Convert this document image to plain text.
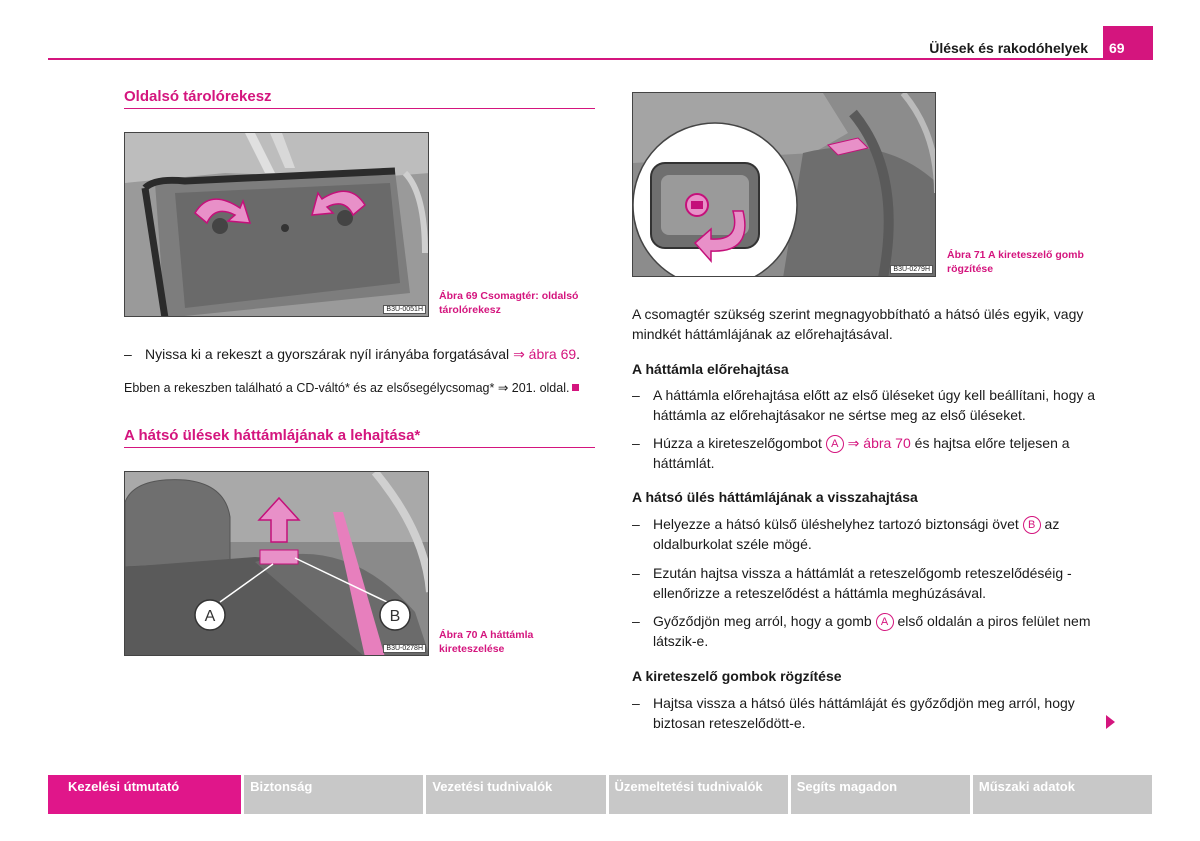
Ülések és rakodóhelyek	69
Oldalsó tárolórekesz
B3U-0051H
Ábra 69 Csomagtér: oldalsó tárolórekesz
– Nyissa ki a rekeszt a gyorszárak nyíl irányába forgatásával ⇒ ábra 69.
Ebben a rekeszben található a CD-váltó* és az elsősegélycsomag* ⇒ 201. oldal.
A hátsó ülések háttámlájának a lehajtása*
A	B
B3U-0278H
Ábra 70 A háttámla kireteszelése
B3U-0279H
Ábra 71 A kireteszelő gomb rögzítése
A csomagtér szükség szerint megnagyobbítható a hátsó ülés egyik, vagy mindkét háttámlájának az előrehajtásával.
A háttámla előrehajtása
– A háttámla előrehajtása előtt az első üléseket úgy kell beállítani, hogy a háttámla az előrehajtásakor ne sértse meg az első üléseket.
– Húzza a kireteszelőgombot A ⇒ ábra 70 és hajtsa előre teljesen a háttámlát.
A hátsó ülés háttámlájának a visszahajtása
– Helyezze a hátsó külső üléshelyhez tartozó biztonsági övet B az oldalburkolat széle mögé.
– Ezután hajtsa vissza a háttámlát a reteszelőgomb reteszelődéséig - ellenőrizze a reteszelődést a háttámla meghúzásával.
– Győződjön meg arról, hogy a gomb A első oldalán a piros felület nem látszik-e.
A kireteszelő gombok rögzítése
– Hajtsa vissza a hátsó ülés háttámláját és győződjön meg arról, hogy biztosan reteszelődött-e.
Kezelési útmutató	Biztonság	Vezetési tudnivalók	Üzemeltetési tudnivalók	Segíts magadon	Műszaki adatok
